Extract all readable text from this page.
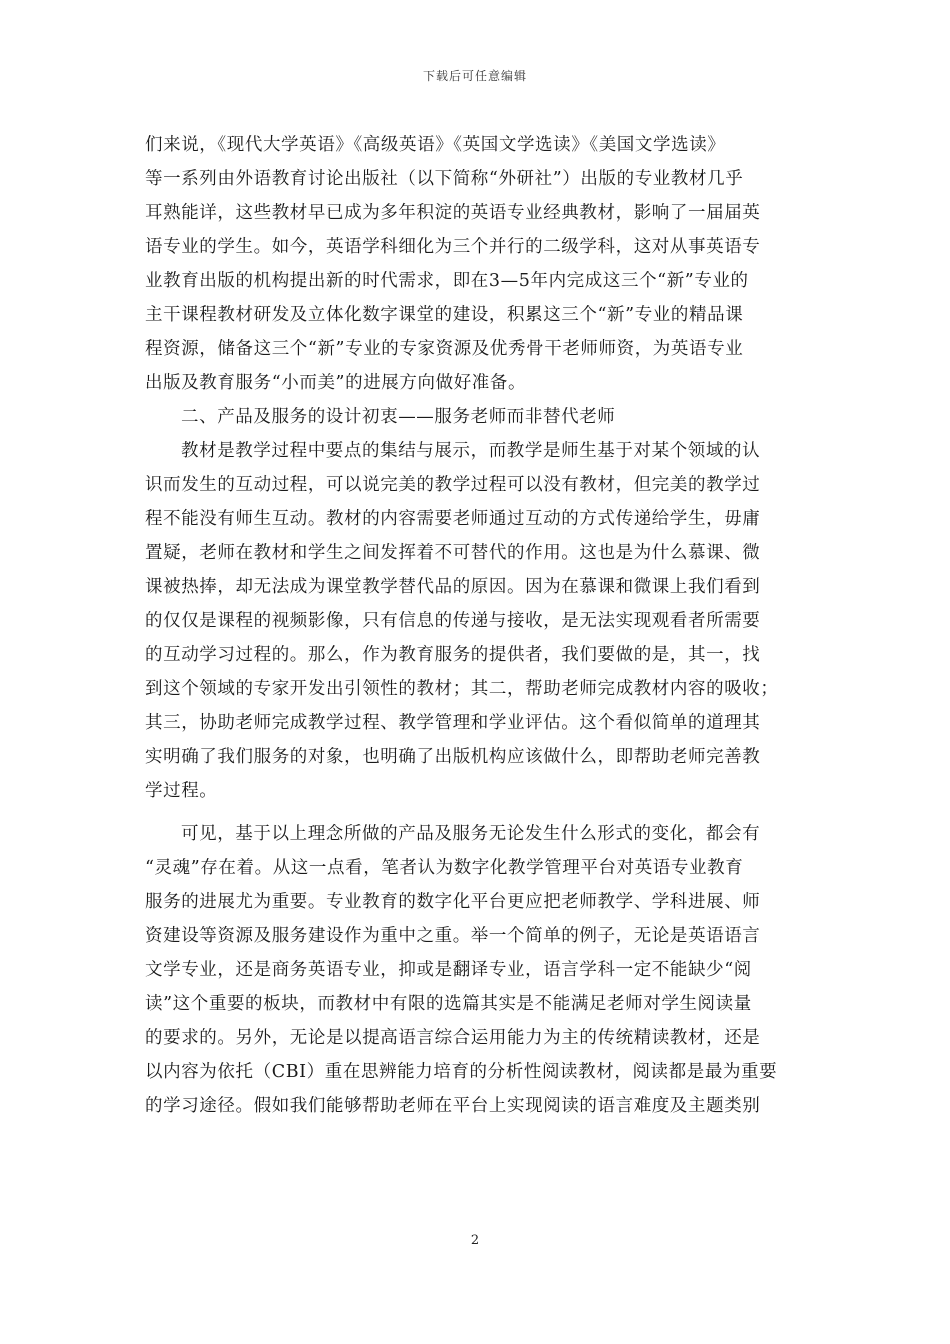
下载后可任意编辑
们来说，《现代大学英语》《高级英语》《英国文学选读》《美国文学选读》
等一系列由外语教育讨论出版社（以下简称“外研社”）出版的专业教材几乎
耳熟能详，这些教材早已成为多年积淀的英语专业经典教材，影响了一届届英
语专业的学生。如今，英语学科细化为三个并行的二级学科，这对从事英语专
业教育出版的机构提出新的时代需求，即在3—5年内完成这三个“新”专业的
主干课程教材研发及立体化数字课堂的建设，积累这三个“新”专业的精品课
程资源，储备这三个“新”专业的专家资源及优秀骨干老师师资，为英语专业
出版及教育服务“小而美”的进展方向做好准备。
二、产品及服务的设计初衷——服务老师而非替代老师
教材是教学过程中要点的集结与展示，而教学是师生基于对某个领域的认
识而发生的互动过程，可以说完美的教学过程可以没有教材，但完美的教学过
程不能没有师生互动。教材的内容需要老师通过互动的方式传递给学生，毋庸
置疑，老师在教材和学生之间发挥着不可替代的作用。这也是为什么慕课、微
课被热捧，却无法成为课堂教学替代品的原因。因为在慕课和微课上我们看到
的仅仅是课程的视频影像，只有信息的传递与接收，是无法实现观看者所需要
的互动学习过程的。那么，作为教育服务的提供者，我们要做的是，其一，找
到这个领域的专家开发出引领性的教材；其二，帮助老师完成教材内容的吸收；
其三，协助老师完成教学过程、教学管理和学业评估。这个看似简单的道理其
实明确了我们服务的对象，也明确了出版机构应该做什么，即帮助老师完善教
学过程。
可见，基于以上理念所做的产品及服务无论发生什么形式的变化，都会有
“灵魂”存在着。从这一点看，笔者认为数字化教学管理平台对英语专业教育
服务的进展尤为重要。专业教育的数字化平台更应把老师教学、学科进展、师
资建设等资源及服务建设作为重中之重。举一个简单的例子，无论是英语语言
文学专业，还是商务英语专业，抑或是翻译专业，语言学科一定不能缺少“阅
读”这个重要的板块，而教材中有限的选篇其实是不能满足老师对学生阅读量
的要求的。另外，无论是以提高语言综合运用能力为主的传统精读教材，还是
以内容为依托（CBI）重在思辨能力培育的分析性阅读教材，阅读都是最为重要
的学习途径。假如我们能够帮助老师在平台上实现阅读的语言难度及主题类别
2
